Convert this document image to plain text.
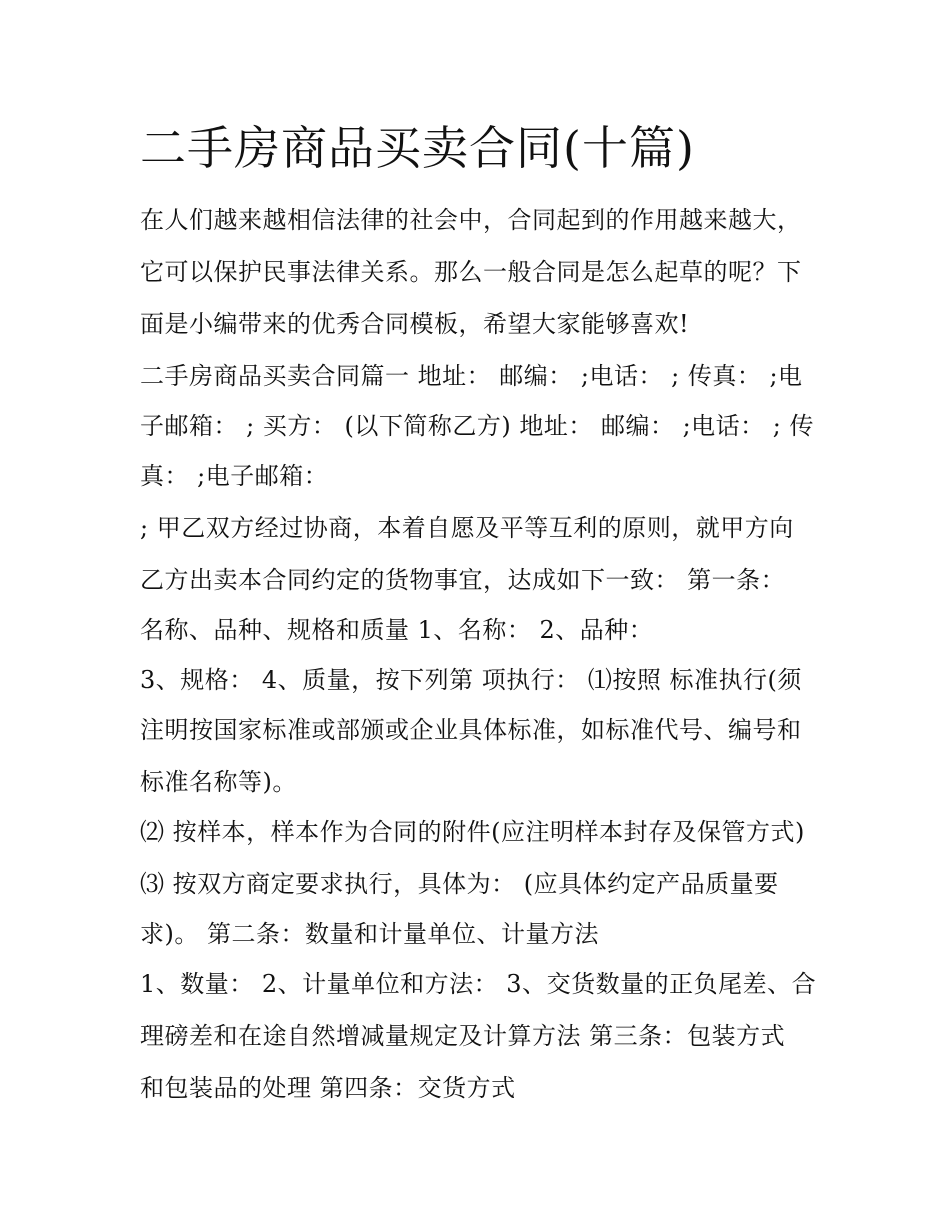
二手房商品买卖合同(十篇)
在人们越来越相信法律的社会中，合同起到的作用越来越大，
它可以保护民事法律关系。那么一般合同是怎么起草的呢？下
面是小编带来的优秀合同模板，希望大家能够喜欢!
二手房商品买卖合同篇一 地址： 邮编： ;电话： ; 传真： ;电
子邮箱： ; 买方： (以下简称乙方) 地址： 邮编： ;电话： ; 传
真： ;电子邮箱：
; 甲乙双方经过协商，本着自愿及平等互利的原则，就甲方向
乙方出卖本合同约定的货物事宜，达成如下一致： 第一条：
名称、品种、规格和质量 1、名称： 2、品种：
3、规格： 4、质量，按下列第 项执行： ⑴按照 标准执行(须
注明按国家标准或部颁或企业具体标准，如标准代号、编号和
标准名称等)。
⑵ 按样本，样本作为合同的附件(应注明样本封存及保管方式)
⑶ 按双方商定要求执行，具体为： (应具体约定产品质量要
求)。 第二条：数量和计量单位、计量方法
1、数量： 2、计量单位和方法： 3、交货数量的正负尾差、合
理磅差和在途自然增减量规定及计算方法 第三条：包装方式
和包装品的处理 第四条：交货方式
